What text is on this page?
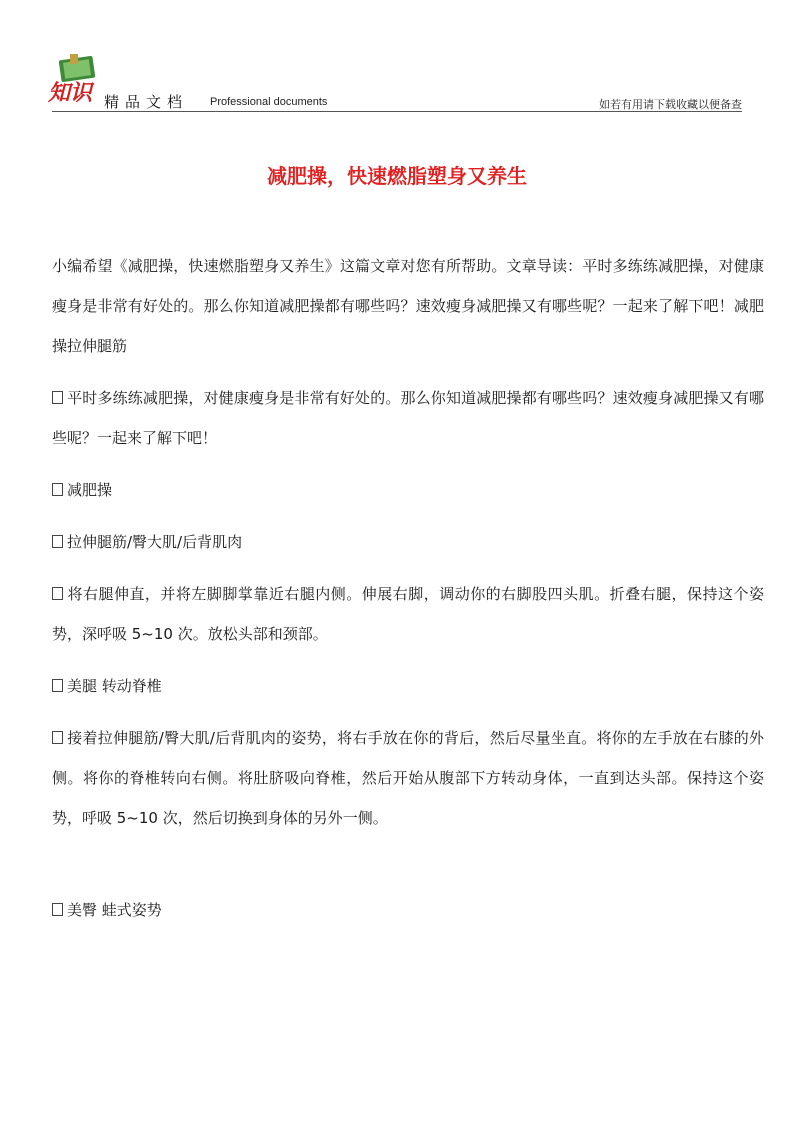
知识 精品文档 Professional documents	如若有用请下载收藏以便备查
减肥操，快速燃脂塑身又养生

小编希望《减肥操，快速燃脂塑身又养生》这篇文章对您有所帮助。文章导读：平时多练练减肥操，对健康瘦身是非常有好处的。那么你知道减肥操都有哪些吗？速效瘦身减肥操又有哪些呢？一起来了解下吧！减肥操拉伸腿筋

平时多练练减肥操，对健康瘦身是非常有好处的。那么你知道减肥操都有哪些吗？速效瘦身减肥操又有哪些呢？一起来了解下吧！

减肥操

拉伸腿筋/臀大肌/后背肌肉

将右腿伸直，并将左脚脚掌靠近右腿内侧。伸展右脚，调动你的右脚股四头肌。折叠右腿，保持这个姿势，深呼吸 5~10 次。放松头部和颈部。

美腿 转动脊椎

接着拉伸腿筋/臀大肌/后背肌肉的姿势，将右手放在你的背后，然后尽量坐直。将你的左手放在右膝的外侧。将你的脊椎转向右侧。将肚脐吸向脊椎，然后开始从腹部下方转动身体，一直到达头部。保持这个姿势，呼吸 5~10 次，然后切换到身体的另外一侧。

美臀 蛙式姿势
